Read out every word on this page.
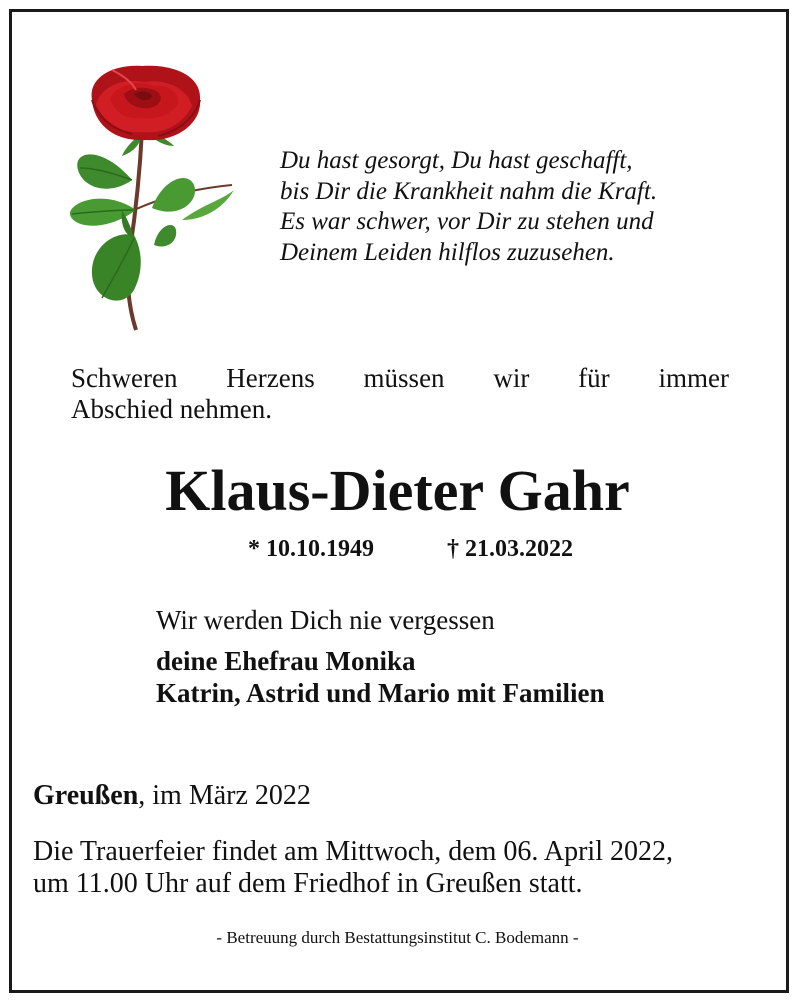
Du hast gesorgt, Du hast geschafft,
bis Dir die Krankheit nahm die Kraft.
Es war schwer, vor Dir zu stehen und
Deinem Leiden hilflos zuzusehen.
Schweren Herzens müssen wir für immer
Abschied nehmen.
Klaus-Dieter Gahr
* 10.10.1949	† 21.03.2022
Wir werden Dich nie vergessen
deine Ehefrau Monika
Katrin, Astrid und Mario mit Familien
Greußen, im März 2022
Die Trauerfeier findet am Mittwoch, dem 06. April 2022,
um 11.00 Uhr auf dem Friedhof in Greußen statt.
- Betreuung durch Bestattungsinstitut C. Bodemann -
